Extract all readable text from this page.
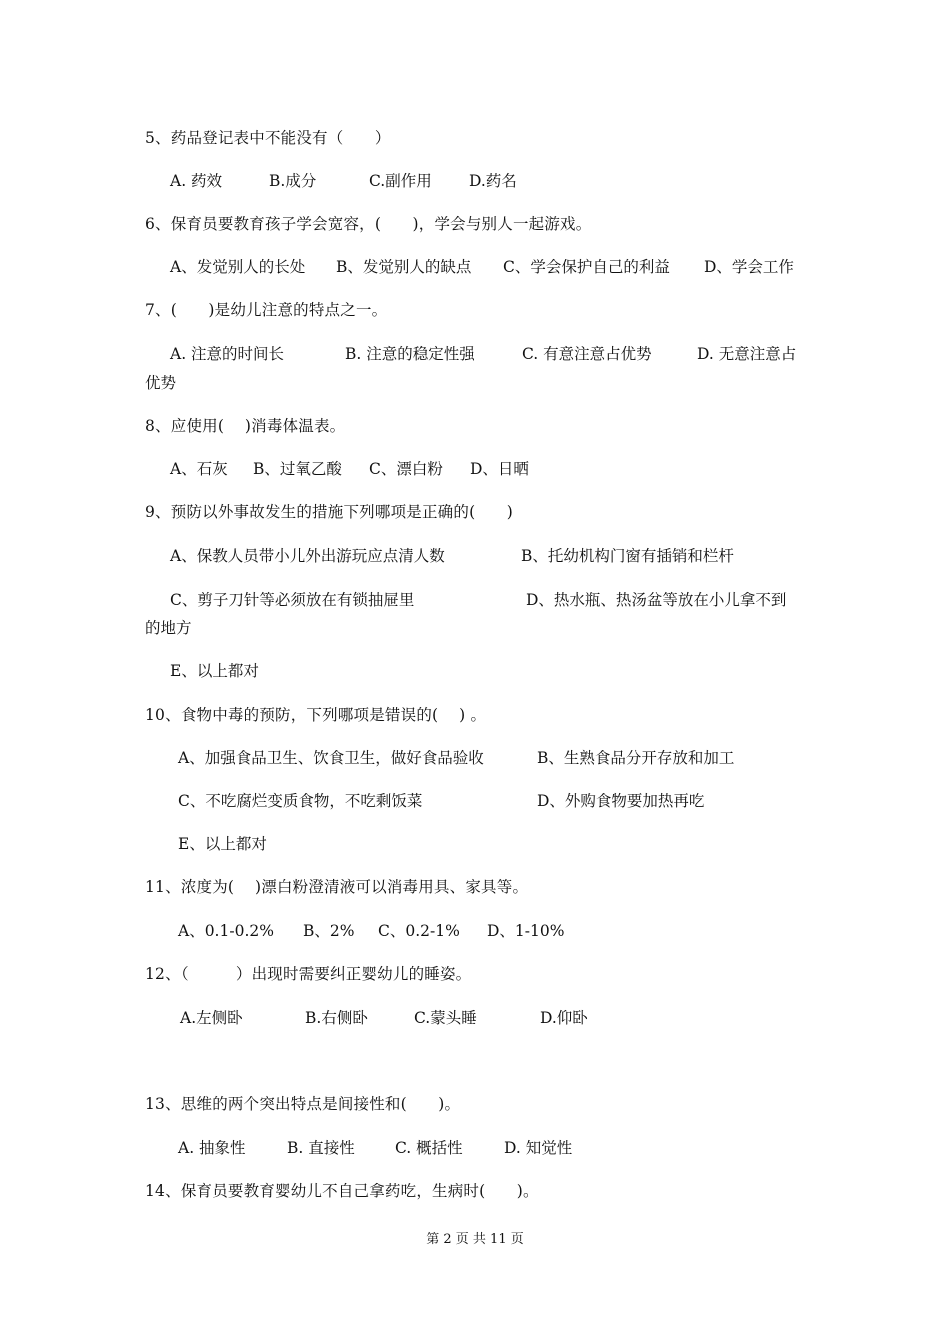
5、药品登记表中不能没有（　　）
A. 药效	B.成分	C.副作用 D.药名
6、保育员要教育孩子学会宽容，(　　)，学会与别人一起游戏。
A、发觉别人的长处 B、发觉别人的缺点 C、学会保护自己的利益 D、学会工作
7、(　　)是幼儿注意的特点之一。
A. 注意的时间长	B. 注意的稳定性强	C. 有意注意占优势	D. 无意注意占
优势
8、应使用(　 )消毒体温表。
A、石灰 B、过氧乙酸 C、漂白粉 D、日晒
9、预防以外事故发生的措施下列哪项是正确的(　　)
A、保教人员带小儿外出游玩应点清人数	B、托幼机构门窗有插销和栏杆
C、剪子刀针等必须放在有锁抽屉里	D、热水瓶、热汤盆等放在小儿拿不到
的地方
E、以上都对
10、食物中毒的预防，下列哪项是错误的(　 ) 。
A、加强食品卫生、饮食卫生，做好食品验收	B、生熟食品分开存放和加工
C、不吃腐烂变质食物，不吃剩饭菜	D、外购食物要加热再吃
E、以上都对
11、浓度为(　 )漂白粉澄清液可以消毒用具、家具等。
A、0.1-0.2% B、2% C、0.2-1% D、1-10%
12、（　　　）出现时需要纠正婴幼儿的睡姿。
A.左侧卧	B.右侧卧	C.蒙头睡	D.仰卧
13、思维的两个突出特点是间接性和(　　)。
A. 抽象性	B. 直接性	C. 概括性	D. 知觉性
14、保育员要教育婴幼儿不自己拿药吃，生病时(　　)。
第 2 页 共 11 页
